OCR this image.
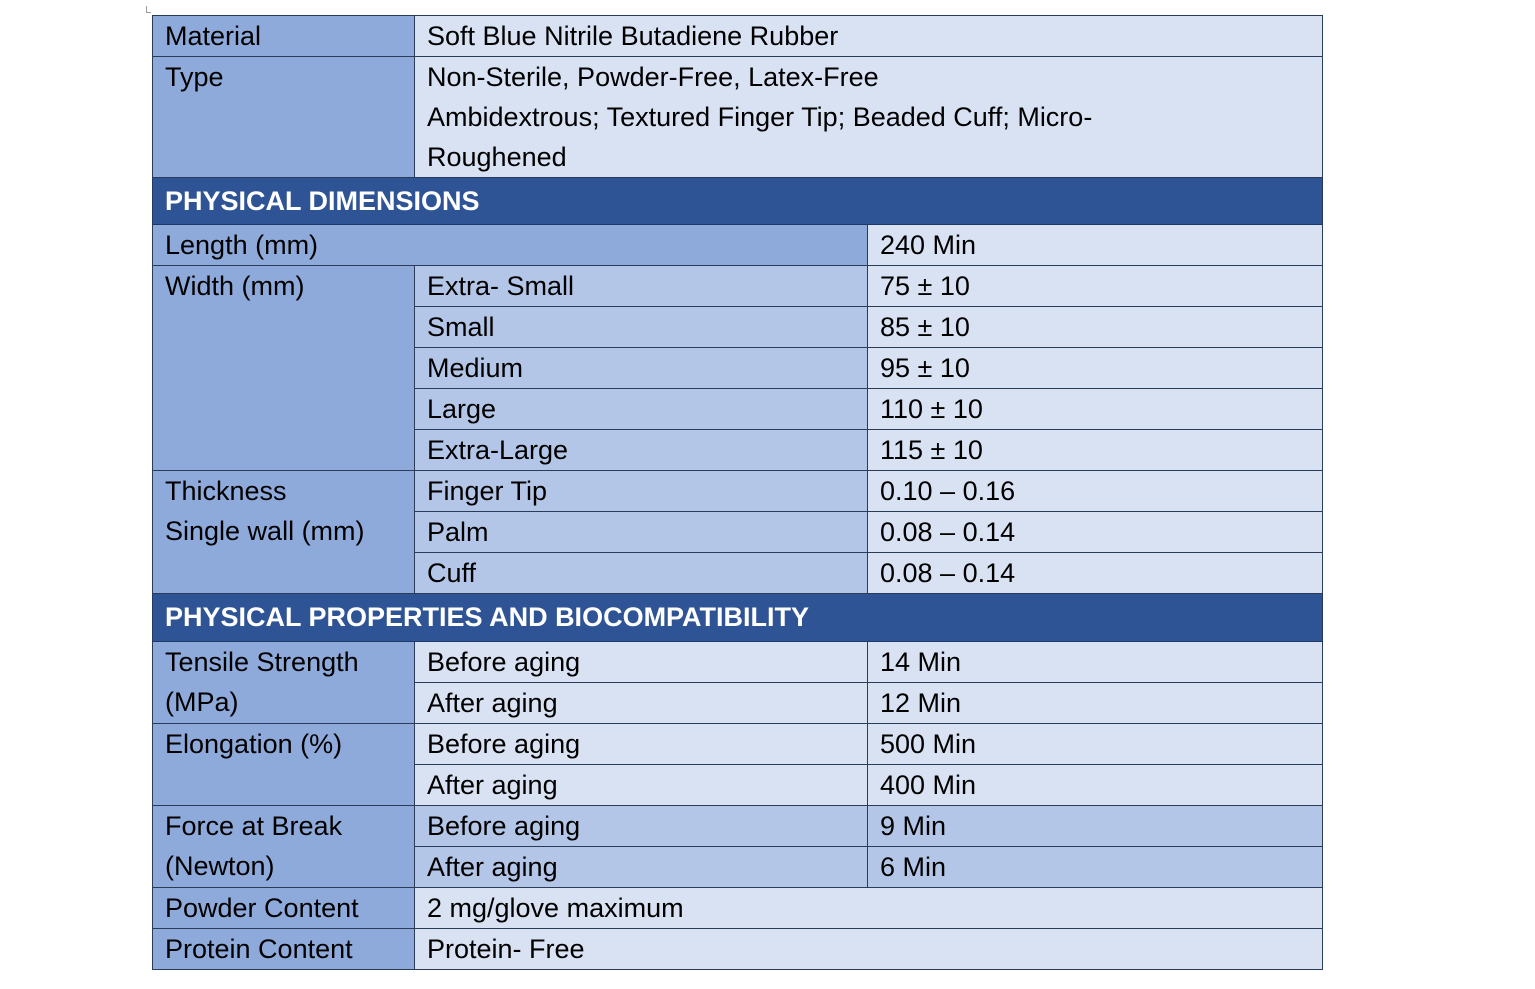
Material	Soft Blue Nitrile Butadiene Rubber	
Type	Non-Sterile, Powder-Free, Latex-Free
Ambidextrous; Textured Finger Tip; Beaded Cuff; Micro-Roughened	

PHYSICAL DIMENSIONS		
Length (mm)		240 Min
Width (mm)	Extra- Small	75 ± 10
	Small	85 ± 10
	Medium	95 ± 10
	Large	110 ± 10
	Extra-Large	115 ± 10

Thickness
Single wall (mm)	Finger Tip	0.10 – 0.16
	Palm	0.08 – 0.14
	Cuff	0.08 – 0.14
PHYSICAL PROPERTIES AND BIOCOMPATIBILITY		

Tensile Strength
(MPa)	Before aging	14 Min
	After aging	12 Min
Elongation (%)	Before aging	500 Min
	After aging	400 Min

Force at Break
(Newton)	Before aging	9 Min
	After aging	6 Min
Powder Content	2 mg/glove maximum	
Protein Content	Protein- Free	
